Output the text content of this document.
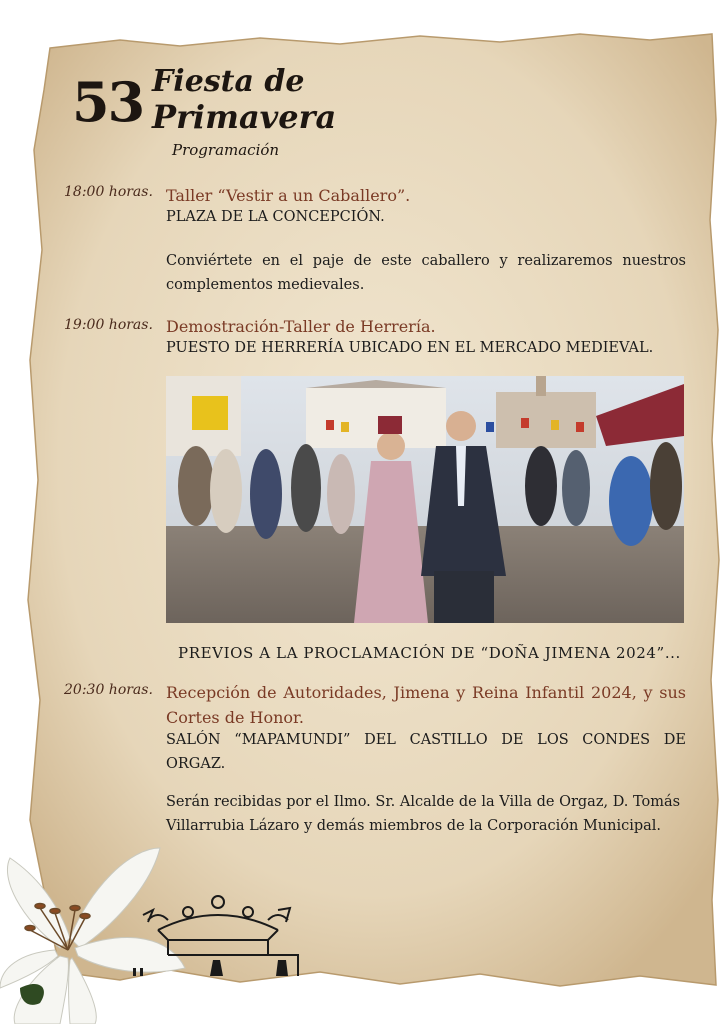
53 Fiesta de
Primavera
Programación
18:00 horas. Taller “Vestir a un Caballero”.
PLAZA DE LA CONCEPCIÓN.
Conviértete en el paje de este caballero y realizaremos nuestros complementos medievales.
19:00 horas. Demostración-Taller de Herrería.
PUESTO DE HERRERÍA UBICADO EN EL MERCADO MEDIEVAL.
PREVIOS A LA PROCLAMACIÓN DE “DOÑA JIMENA 2024”...
20:30 horas. Recepción de Autoridades, Jimena y Reina Infantil 2024, y sus Cortes de Honor.
SALÓN “MAPAMUNDI” DEL CASTILLO DE LOS CONDES DE ORGAZ.
Serán recibidas por el Ilmo. Sr. Alcalde de la Villa de Orgaz, D. Tomás Villarrubia Lázaro y demás miembros de la Corporación Municipal.
